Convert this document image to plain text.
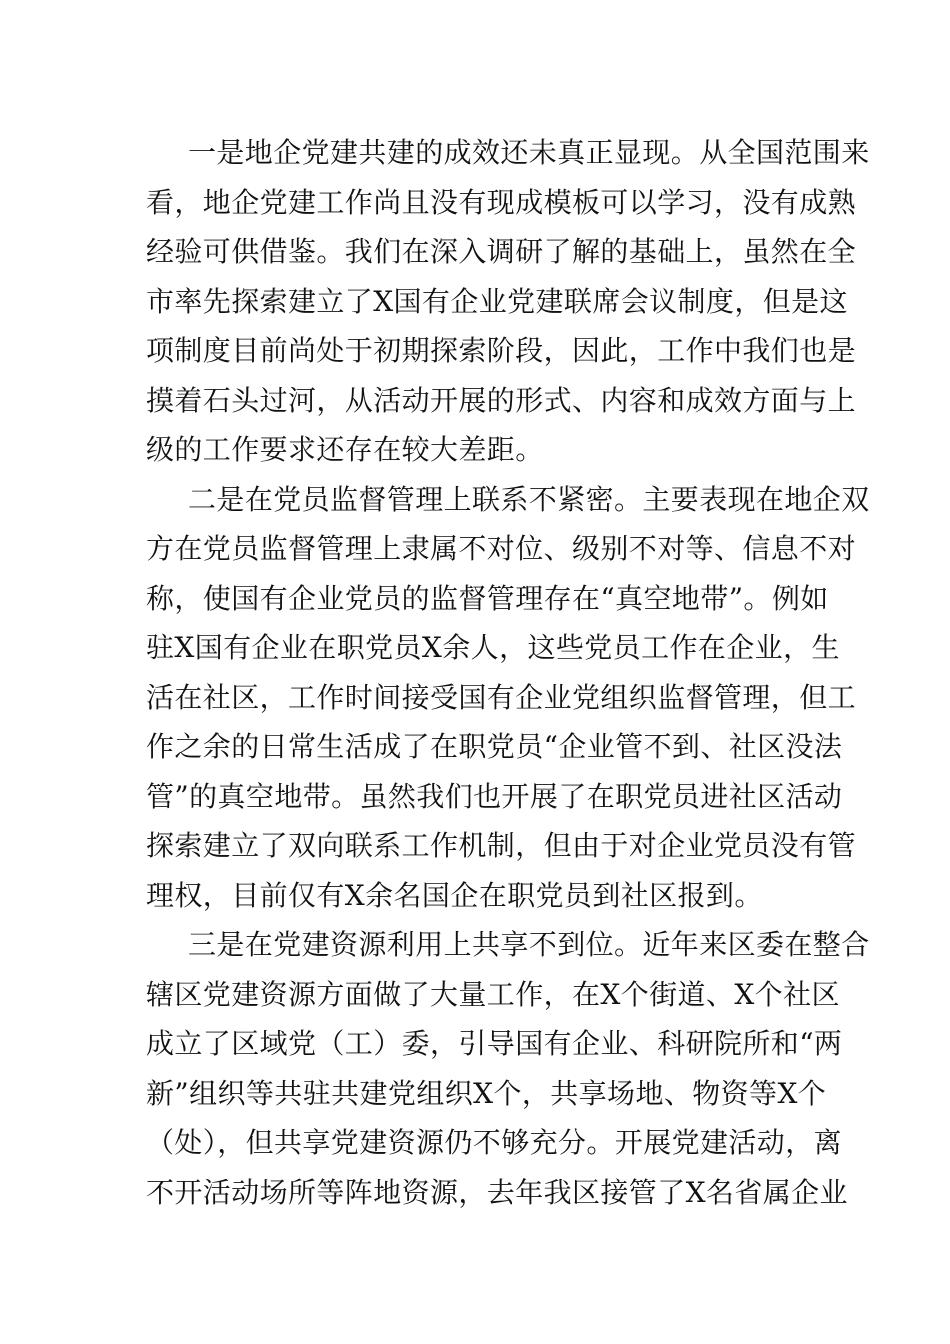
一是地企党建共建的成效还未真正显现。从全国范围来
看，地企党建工作尚且没有现成模板可以学习，没有成熟
经验可供借鉴。我们在深入调研了解的基础上，虽然在全
市率先探索建立了X国有企业党建联席会议制度，但是这
项制度目前尚处于初期探索阶段，因此，工作中我们也是
摸着石头过河，从活动开展的形式、内容和成效方面与上
级的工作要求还存在较大差距。
二是在党员监督管理上联系不紧密。主要表现在地企双
方在党员监督管理上隶属不对位、级别不对等、信息不对
称，使国有企业党员的监督管理存在“真空地带”。例如
驻X国有企业在职党员X余人，这些党员工作在企业，生
活在社区，工作时间接受国有企业党组织监督管理，但工
作之余的日常生活成了在职党员“企业管不到、社区没法
管”的真空地带。虽然我们也开展了在职党员进社区活动
探索建立了双向联系工作机制，但由于对企业党员没有管
理权，目前仅有X余名国企在职党员到社区报到。
三是在党建资源利用上共享不到位。近年来区委在整合
辖区党建资源方面做了大量工作，在X个街道、X个社区
成立了区域党（工）委，引导国有企业、科研院所和“两
新”组织等共驻共建党组织X个，共享场地、物资等X个
（处），但共享党建资源仍不够充分。开展党建活动，离
不开活动场所等阵地资源，去年我区接管了X名省属企业
